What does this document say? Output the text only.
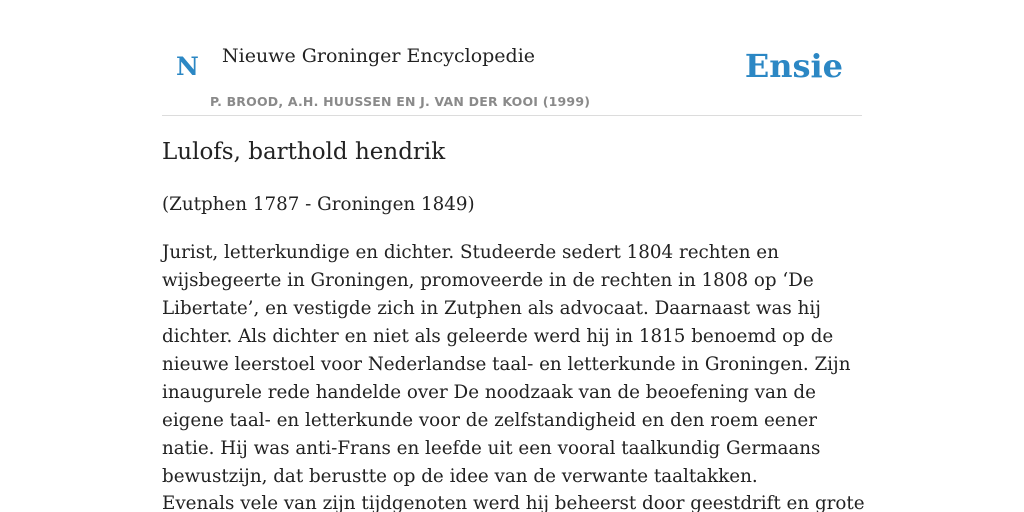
N Nieuwe Groninger Encyclopedie
P. BROOD, A.H. HUUSSEN EN J. VAN DER KOOI (1999)
Ensie
Lulofs, barthold hendrik

(Zutphen 1787 - Groningen 1849)

Jurist, letterkundige en dichter. Studeerde sedert 1804 rechten en wijsbegeerte in Groningen, promoveerde in de rechten in 1808 op ‘De Libertate’, en vestigde zich in Zutphen als advocaat. Daarnaast was hij dichter. Als dichter en niet als geleerde werd hij in 1815 benoemd op de nieuwe leerstoel voor Nederlandse taal- en letterkunde in Groningen. Zijn inaugurele rede handelde over De noodzaak van de beoefening van de eigene taal- en letterkunde voor de zelfstandigheid en den roem eener natie. Hij was anti-Frans en leefde uit een vooral taalkundig Germaans bewustzijn, dat berustte op de idee van de verwante taaltakken.

Evenals vele van zijn tijdgenoten werd hij beheerst door geestdrift en grote
